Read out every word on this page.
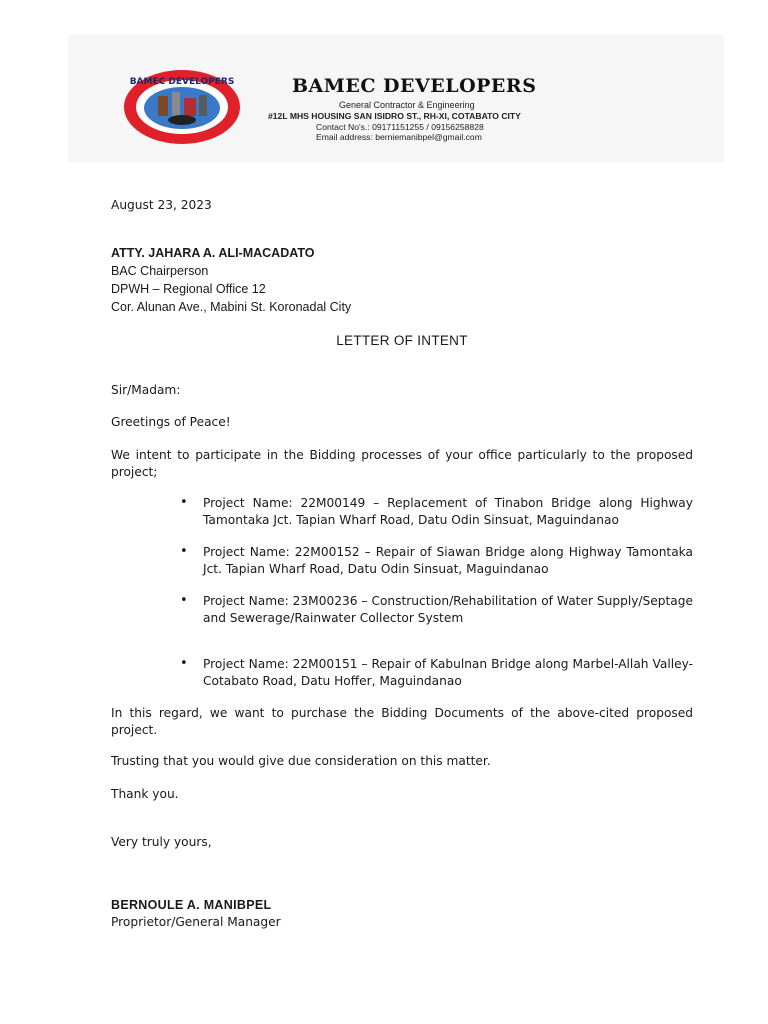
BAMEC DEVELOPERS	BAMEC DEVELOPERS
General Contractor & Engineering
#12L MHS HOUSING SAN ISIDRO ST., RH-XI, COTABATO CITY
Contact No's.: 09171151255 / 09156258828
Email address: berniemanibpel@gmail.com
August 23, 2023
ATTY. JAHARA A. ALI-MACADATO
BAC Chairperson
DPWH – Regional Office 12
Cor. Alunan Ave., Mabini St. Koronadal City
LETTER OF INTENT
Sir/Madam:
Greetings of Peace!
We intent to participate in the Bidding processes of your office particularly to the proposed project;
• Project Name: 22M00149 – Replacement of Tinabon Bridge along Highway Tamontaka Jct. Tapian Wharf Road, Datu Odin Sinsuat, Maguindanao
• Project Name: 22M00152 – Repair of Siawan Bridge along Highway Tamontaka Jct. Tapian Wharf Road, Datu Odin Sinsuat, Maguindanao
• Project Name: 23M00236 – Construction/Rehabilitation of Water Supply/Septage and Sewerage/Rainwater Collector System
• Project Name: 22M00151 – Repair of Kabulnan Bridge along Marbel-Allah Valley-Cotabato Road, Datu Hoffer, Maguindanao
In this regard, we want to purchase the Bidding Documents of the above-cited proposed project.
Trusting that you would give due consideration on this matter.
Thank you.
Very truly yours,
BERNOULE A. MANIBPEL
Proprietor/General Manager
